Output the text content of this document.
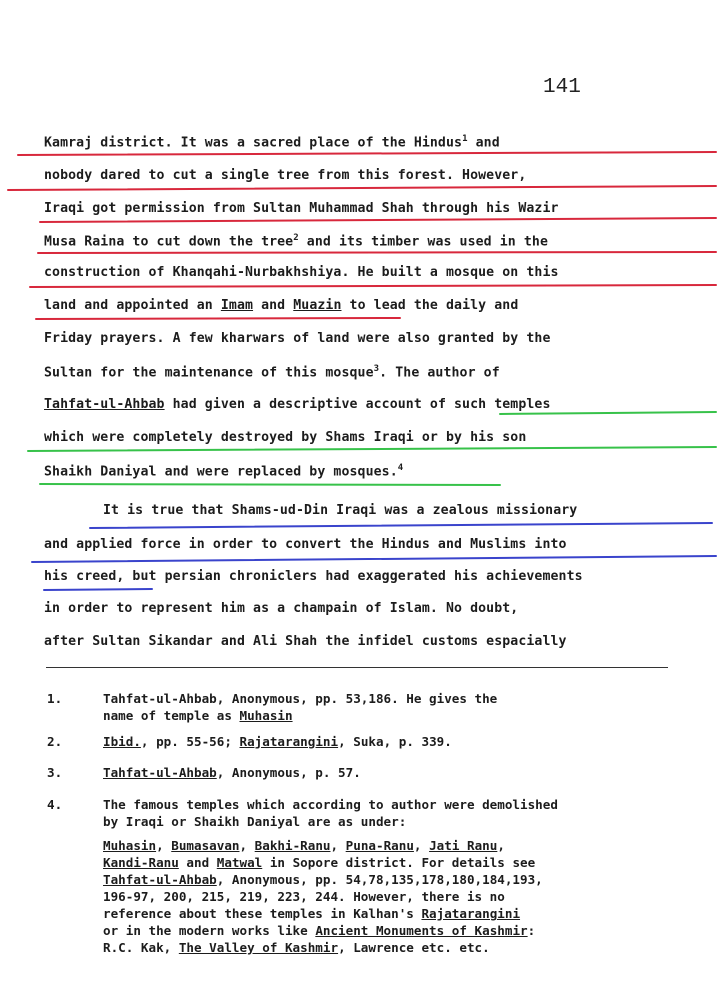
141
Kamraj district. It was a sacred place of the Hindus$^1$ and
nobody dared to cut a single tree from this forest. However,
Iraqi got permission from Sultan Muhammad Shah through his Wazir
Musa Raina to cut down the tree$^2$ and its timber was used in the
construction of Khanqahi-Nurbakhshiya. He built a mosque on this
land and appointed an Imam and Muazin to lead the daily and
Friday prayers. A few kharwars of land were also granted by the
Sultan for the maintenance of this mosque$^3$. The author of
Tahfat-ul-Ahbab had given a descriptive account of such temples
which were completely destroyed by Shams Iraqi or by his son
Shaikh Daniyal and were replaced by mosques.$^4$
It is true that Shams-ud-Din Iraqi was a zealous missionary
and applied force in order to convert the Hindus and Muslims into
his creed, but persian chroniclers had exaggerated his achievements
in order to represent him as a champain of Islam. No doubt,
after Sultan Sikandar and Ali Shah the infidel customs espacially
1.	Tahfat-ul-Ahbab, Anonymous, pp. 53,186. He gives the
name of temple as Muhasin
2.	Ibid., pp. 55-56; Rajatarangini, Suka, p. 339.
3.	Tahfat-ul-Ahbab, Anonymous, p. 57.
4.	The famous temples which according to author were demolished
by Iraqi or Shaikh Daniyal are as under:
Muhasin, Bumasavan, Bakhi-Ranu, Puna-Ranu, Jati Ranu,
Kandi-Ranu and Matwal in Sopore district. For details see
Tahfat-ul-Ahbab, Anonymous, pp. 54,78,135,178,180,184,193,
196-97, 200, 215, 219, 223, 244. However, there is no
reference about these temples in Kalhan's Rajatarangini
or in the modern works like Ancient Monuments of Kashmir:
R.C. Kak, The Valley of Kashmir, Lawrence etc. etc.
